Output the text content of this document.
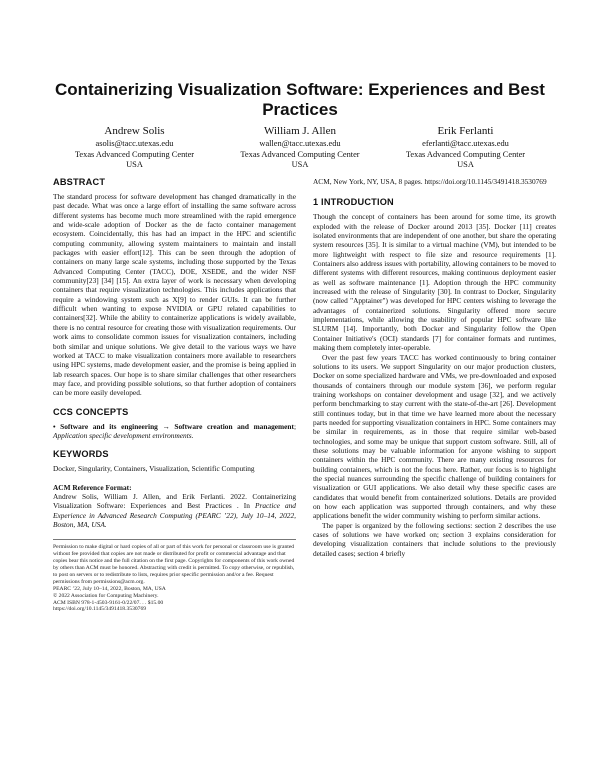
Containerizing Visualization Software: Experiences and Best Practices
Andrew Solis
asolis@tacc.utexas.edu
Texas Advanced Computing Center
USA
William J. Allen
wallen@tacc.utexas.edu
Texas Advanced Computing Center
USA
Erik Ferlanti
eferlanti@tacc.utexas.edu
Texas Advanced Computing Center
USA
ABSTRACT

The standard process for software development has changed dramatically in the past decade. What was once a large effort of installing the same software across different systems has become much more streamlined with the rapid emergence and wide-scale adoption of Docker as the de facto container management ecosystem. Coincidentally, this has had an impact in the HPC and scientific computing community, allowing system maintainers to maintain and install packages with easier effort[12]. This can be seen through the adoption of containers on many large scale systems, including those supported by the Texas Advanced Computing Center (TACC), DOE, XSEDE, and the wider NSF community[23] [34] [15]. An extra layer of work is necessary when developing containers that require visualization technologies. This includes applications that require a windowing system such as X[9] to render GUIs. It can be further difficult when wanting to expose NVIDIA or GPU related capabilities to containers[32]. While the ability to containerize applications is widely available, there is no central resource for creating those with visualization requirements. Our work aims to consolidate common issues for visualization containers, including both similar and unique solutions. We give detail to the various ways we have worked at TACC to make visualization containers more available to researchers using HPC systems, made development easier, and the promise is being applied in lab research spaces. Our hope is to share similar challenges that other researchers may face, and providing possible solutions, so that further adoption of containers can be more easily developed.

CCS CONCEPTS

• Software and its engineering → Software creation and management; Application specific development environments.

KEYWORDS

Docker, Singularity, Containers, Visualization, Scientific Computing

ACM Reference Format:

Andrew Solis, William J. Allen, and Erik Ferlanti. 2022. Containerizing Visualization Software: Experiences and Best Practices . In Practice and Experience in Advanced Research Computing (PEARC ’22), July 10–14, 2022, Boston, MA, USA.

Permission to make digital or hard copies of all or part of this work for personal or classroom use is granted without fee provided that copies are not made or distributed for profit or commercial advantage and that copies bear this notice and the full citation on the first page. Copyrights for components of this work owned by others than ACM must be honored. Abstracting with credit is permitted. To copy otherwise, or republish, to post on servers or to redistribute to lists, requires prior specific permission and/or a fee. Request permissions from permissions@acm.org.

PEARC ’22, July 10–14, 2022, Boston, MA, USA

© 2022 Association for Computing Machinery.

ACM ISBN 978-1-4503-9161-0/22/07. . . $15.00

https://doi.org/10.1145/3491418.3530769

ACM, New York, NY, USA, 8 pages. https://doi.org/10.1145/3491418.3530769

1 INTRODUCTION

Though the concept of containers has been around for some time, its growth exploded with the release of Docker around 2013 [35]. Docker [11] creates isolated environments that are independent of one another, but share the operating system resources [35]. It is similar to a virtual machine (VM), but intended to be more lightweight with respect to file size and resource requirements [1]. Containers also address issues with portability, allowing containers to be moved to different systems with different resources, making continuous deployment easier as well as software maintenance [1]. Adoption through the HPC community increased with the release of Singularity [30]. In contrast to Docker, Singularity (now called "Apptainer") was developed for HPC centers wishing to leverage the advantages of containerized solutions. Singularity offered more secure implementations, while allowing the usability of popular HPC software like SLURM [14]. Importantly, both Docker and Singularity follow the Open Container Initiative's (OCI) standards [7] for container formats and runtimes, making them completely inter-operable.

Over the past few years TACC has worked continuously to bring container solutions to its users. We support Singularity on our major production clusters, Docker on some specialized hardware and VMs, we pre-downloaded and exposed thousands of containers through our module system [36], we perform regular training workshops on container development and usage [32], and we actively perform benchmarking to stay current with the state-of-the-art [26]. Development still continues today, but in that time we have learned more about the necessary parts needed for supporting visualization containers in HPC. Some containers may be similar in requirements, as in those that require similar web-based technologies, and some may be unique that support custom software. Still, all of these solutions may be valuable information for anyone wishing to support containers within the HPC community. There are many existing resources for building containers, which is not the focus here. Rather, our focus is to highlight the special nuances surrounding the specific challenge of building containers for visualization or GUI applications. We also detail why these specific cases are candidates that would benefit from containerized solutions. Details are provided on how each application was supported through containers, and why these applications benefit the wider community wishing to perform similar actions.

The paper is organized by the following sections: section 2 describes the use cases of solutions we have worked on; section 3 explains consideration for developing visualization containers that include solutions to the previously detailed cases; section 4 briefly
